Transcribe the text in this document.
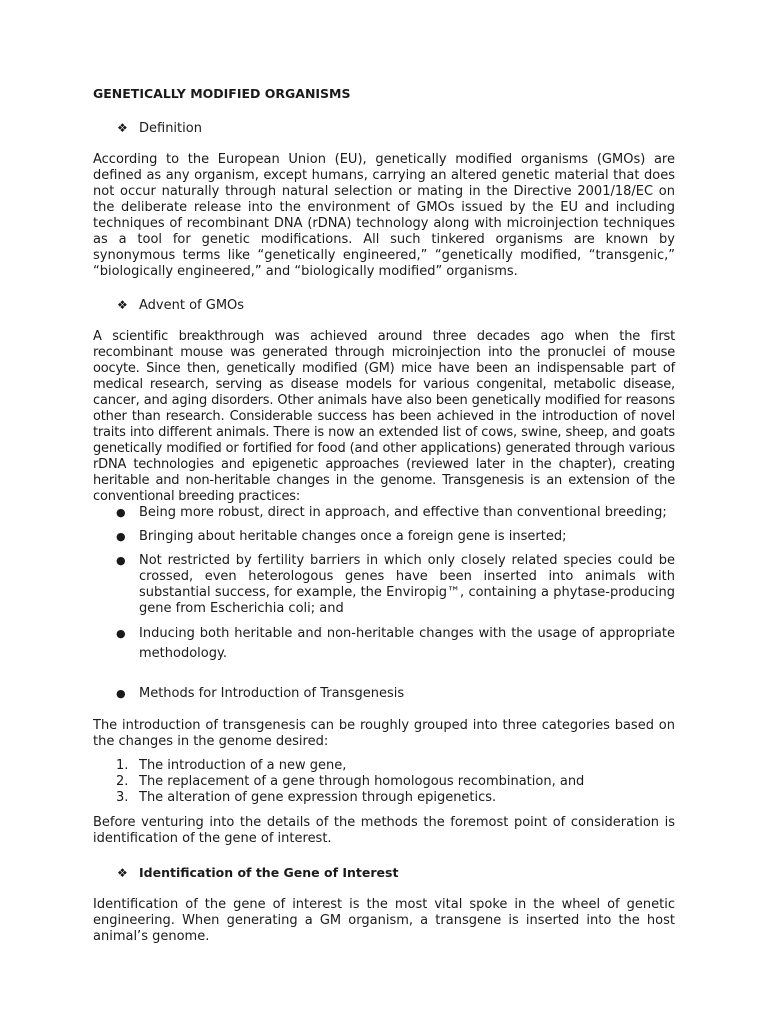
GENETICALLY MODIFIED ORGANISMS
❖ Definition

According to the European Union (EU), genetically modified organisms (GMOs) are defined as any organism, except humans, carrying an altered genetic material that does not occur naturally through natural selection or mating in the Directive 2001/18/EC on the deliberate release into the environment of GMOs issued by the EU and including techniques of recombinant DNA (rDNA) technology along with microinjection techniques as a tool for genetic modifications. All such tinkered organisms are known by synonymous terms like “genetically engineered,” “genetically modified, “transgenic,” “biologically engineered,” and “biologically modified” organisms.

❖ Advent of GMOs

A scientific breakthrough was achieved around three decades ago when the first recombinant mouse was generated through microinjection into the pronuclei of mouse oocyte. Since then, genetically modified (GM) mice have been an indispensable part of medical research, serving as disease models for various congenital, metabolic disease, cancer, and aging disorders. Other animals have also been genetically modified for reasons other than research. Considerable success has been achieved in the introduction of novel traits into different animals. There is now an extended list of cows, swine, sheep, and goats genetically modified or fortified for food (and other applications) generated through various rDNA technologies and epigenetic approaches (reviewed later in the chapter), creating heritable and non-heritable changes in the genome. Transgenesis is an extension of the conventional breeding practices:

● Being more robust, direct in approach, and effective than conventional breeding;
● Bringing about heritable changes once a foreign gene is inserted;
● Not restricted by fertility barriers in which only closely related species could be crossed, even heterologous genes have been inserted into animals with substantial success, for example, the Enviropig™, containing a phytase-producing gene from Escherichia coli; and
● Inducing both heritable and non-heritable changes with the usage of appropriate methodology.
● Methods for Introduction of Transgenesis

The introduction of transgenesis can be roughly grouped into three categories based on the changes in the genome desired:

1. The introduction of a new gene,
2. The replacement of a gene through homologous recombination, and
3. The alteration of gene expression through epigenetics.

Before venturing into the details of the methods the foremost point of consideration is identification of the gene of interest.

❖ Identification of the Gene of Interest

Identification of the gene of interest is the most vital spoke in the wheel of genetic engineering. When generating a GM organism, a transgene is inserted into the host animal’s genome.
